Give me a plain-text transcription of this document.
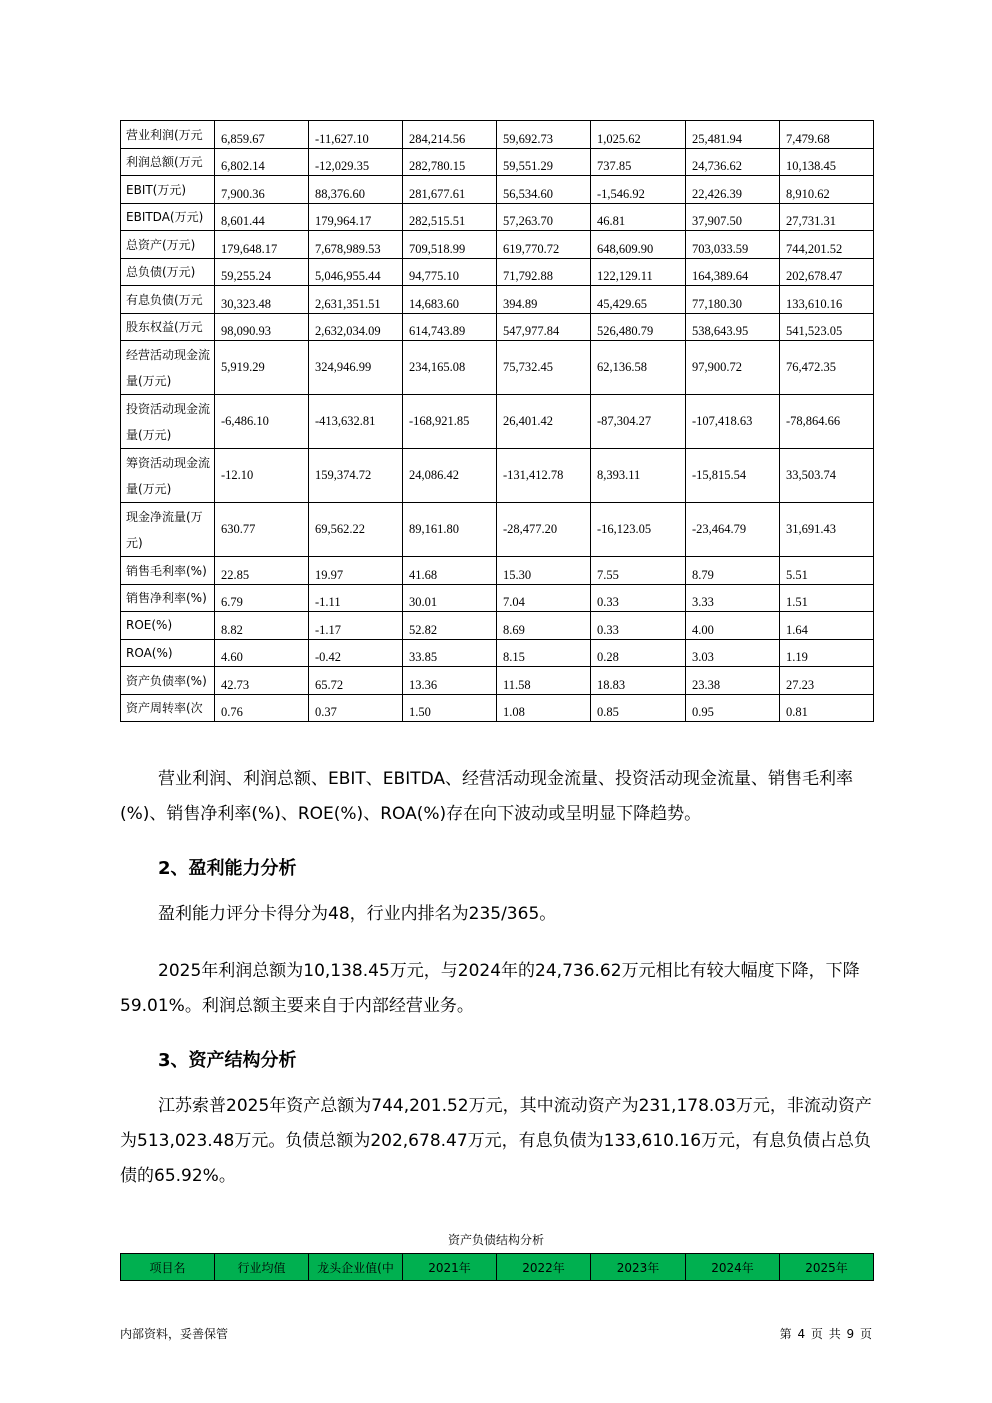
营业利润(万元	6,859.67	-11,627.10	284,214.56	59,692.73	1,025.62	25,481.94	7,479.68
利润总额(万元	6,802.14	-12,029.35	282,780.15	59,551.29	737.85	24,736.62	10,138.45
EBIT(万元)	7,900.36	88,376.60	281,677.61	56,534.60	-1,546.92	22,426.39	8,910.62
EBITDA(万元)	8,601.44	179,964.17	282,515.51	57,263.70	46.81	37,907.50	27,731.31
总资产(万元)	179,648.17	7,678,989.53	709,518.99	619,770.72	648,609.90	703,033.59	744,201.52
总负债(万元)	59,255.24	5,046,955.44	94,775.10	71,792.88	122,129.11	164,389.64	202,678.47
有息负债(万元	30,323.48	2,631,351.51	14,683.60	394.89	45,429.65	77,180.30	133,610.16
股东权益(万元	98,090.93	2,632,034.09	614,743.89	547,977.84	526,480.79	538,643.95	541,523.05
经营活动现金流量(万元)	5,919.29	324,946.99	234,165.08	75,732.45	62,136.58	97,900.72	76,472.35
投资活动现金流量(万元)	-6,486.10	-413,632.81	-168,921.85	26,401.42	-87,304.27	-107,418.63	-78,864.66
筹资活动现金流量(万元)	-12.10	159,374.72	24,086.42	-131,412.78	8,393.11	-15,815.54	33,503.74
现金净流量(万元)	630.77	69,562.22	89,161.80	-28,477.20	-16,123.05	-23,464.79	31,691.43
销售毛利率(%)	22.85	19.97	41.68	15.30	7.55	8.79	5.51
销售净利率(%)	6.79	-1.11	30.01	7.04	0.33	3.33	1.51
ROE(%)	8.82	-1.17	52.82	8.69	0.33	4.00	1.64
ROA(%)	4.60	-0.42	33.85	8.15	0.28	3.03	1.19
资产负债率(%)	42.73	65.72	13.36	11.58	18.83	23.38	27.23
资产周转率(次	0.76	0.37	1.50	1.08	0.85	0.95	0.81

营业利润、利润总额、EBIT、EBITDA、经营活动现金流量、投资活动现金流量、销售毛利率(%)、销售净利率(%)、ROE(%)、ROA(%)存在向下波动或呈明显下降趋势。

2、盈利能力分析

盈利能力评分卡得分为48，行业内排名为235/365。

2025年利润总额为10,138.45万元，与2024年的24,736.62万元相比有较大幅度下降，下降59.01%。利润总额主要来自于内部经营业务。

3、资产结构分析

江苏索普2025年资产总额为744,201.52万元，其中流动资产为231,178.03万元，非流动资产为513,023.48万元。负债总额为202,678.47万元，有息负债为133,610.16万元，有息负债占总负债的65.92%。

资产负债结构分析
项目名	行业均值	龙头企业值(中	2021年	2022年	2023年	2024年	2025年
内部资料，妥善保管	第 4 页 共 9 页
